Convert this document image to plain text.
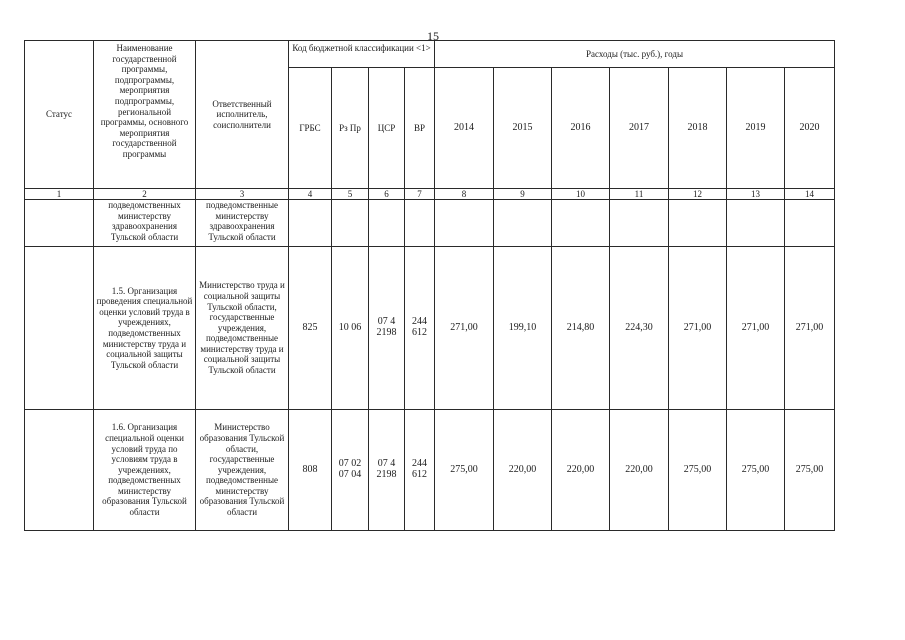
15
Статус	Наименование государственной программы, подпрограммы, мероприятия подпрограммы, региональной программы, основного мероприятия государственной программы	Ответственный исполнитель, соисполнители	Код бюджетной классификации <1>				Расходы (тыс. руб.), годы						
			ГРБС	Рз Пр	ЦСР	ВР	2014	2015	2016	2017	2018	2019	2020
1	2	3	4	5	6	7	8	9	10	11	12	13	14
	подведомственных министерству здравоохранения Тульской области	подведомственные министерству здравоохранения Тульской области											
	1.5. Организация проведения специальной оценки условий труда в учреждениях, подведомственных министерству труда и социальной защиты Тульской области	Министерство труда и социальной защиты Тульской области, государственные учреждения, подведомственные министерству труда и социальной защиты Тульской области	825	10 06	07 4 2198	244 612	271,00	199,10	214,80	224,30	271,00	271,00	271,00
	1.6. Организация специальной оценки условий труда по условиям труда в учреждениях, подведомственных министерству образования Тульской области	Министерство образования Тульской области, государственные учреждения, подведомственные министерству образования Тульской области	808	07 02 07 04	07 4 2198	244 612	275,00	220,00	220,00	220,00	275,00	275,00	275,00
